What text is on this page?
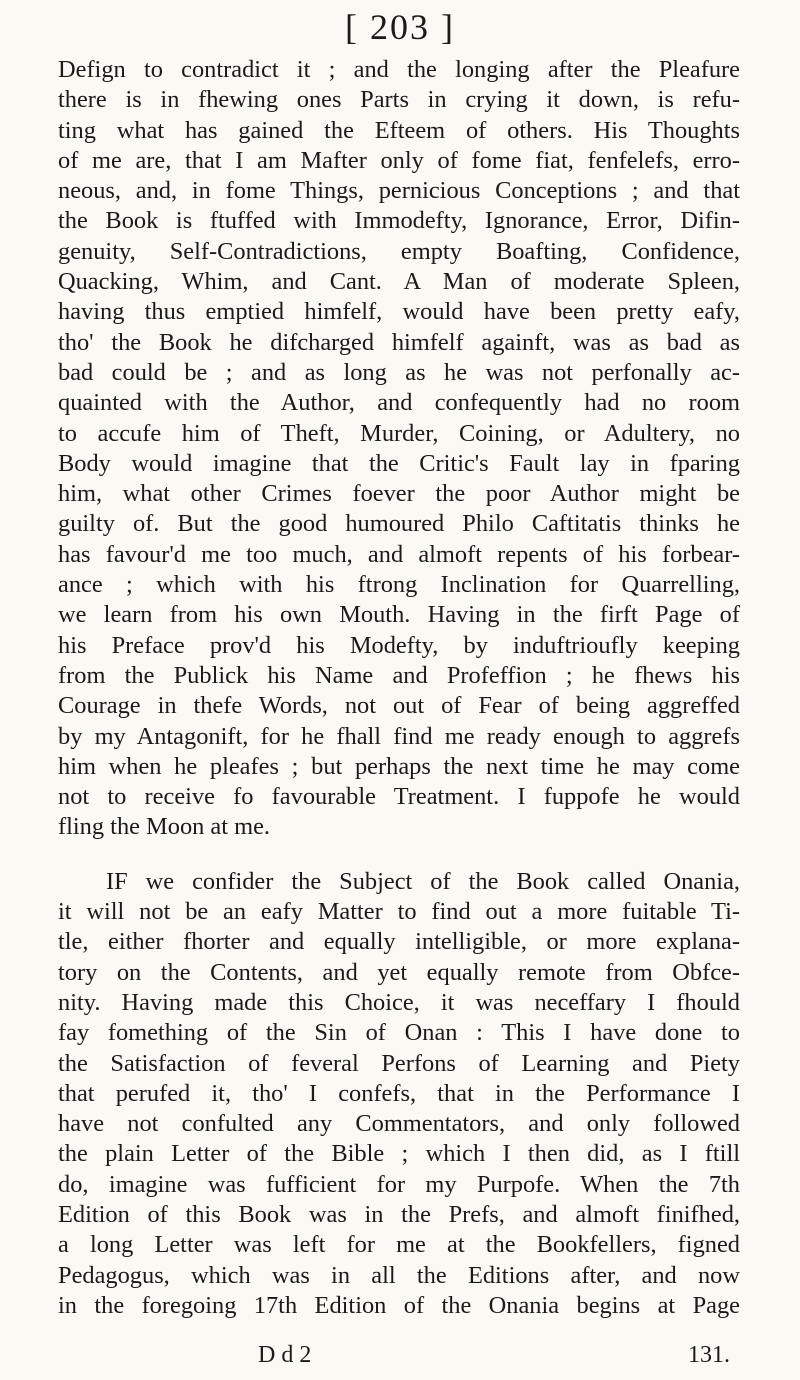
[ 203 ]
Defign to contradict it ; and the longing after the Pleafure
there is in fhewing ones Parts in crying it down, is refu-
ting what has gained the Efteem of others. His Thoughts
of me are, that I am Mafter only of fome fiat, fenfelefs, erro-
neous, and, in fome Things, pernicious Conceptions ; and that
the Book is ftuffed with Immodefty, Ignorance, Error, Difin-
genuity, Self-Contradictions, empty Boafting, Confidence,
Quacking, Whim, and Cant. A Man of moderate Spleen,
having thus emptied himfelf, would have been pretty eafy,
tho' the Book he difcharged himfelf againft, was as bad as
bad could be ; and as long as he was not perfonally ac-
quainted with the Author, and confequently had no room
to accufe him of Theft, Murder, Coining, or Adultery, no
Body would imagine that the Critic's Fault lay in fparing
him, what other Crimes foever the poor Author might be
guilty of. But the good humoured Philo Caftitatis thinks he
has favour'd me too much, and almoft repents of his forbear-
ance ; which with his ftrong Inclination for Quarrelling,
we learn from his own Mouth. Having in the firft Page of
his Preface prov'd his Modefty, by induftrioufly keeping
from the Publick his Name and Profeffion ; he fhews his
Courage in thefe Words, not out of Fear of being aggreffed
by my Antagonift, for he fhall find me ready enough to aggrefs
him when he pleafes ; but perhaps the next time he may come
not to receive fo favourable Treatment. I fuppofe he would
fling the Moon at me.
IF we confider the Subject of the Book called Onania,
it will not be an eafy Matter to find out a more fuitable Ti-
tle, either fhorter and equally intelligible, or more explana-
tory on the Contents, and yet equally remote from Obfce-
nity. Having made this Choice, it was neceffary I fhould
fay fomething of the Sin of Onan : This I have done to
the Satisfaction of feveral Perfons of Learning and Piety
that perufed it, tho' I confefs, that in the Performance I
have not confulted any Commentators, and only followed
the plain Letter of the Bible ; which I then did, as I ftill
do, imagine was fufficient for my Purpofe. When the 7th
Edition of this Book was in the Prefs, and almoft finifhed,
a long Letter was left for me at the Bookfellers, figned
Pedagogus, which was in all the Editions after, and now
in the foregoing 17th Edition of the Onania begins at Page
D d 2	131.
